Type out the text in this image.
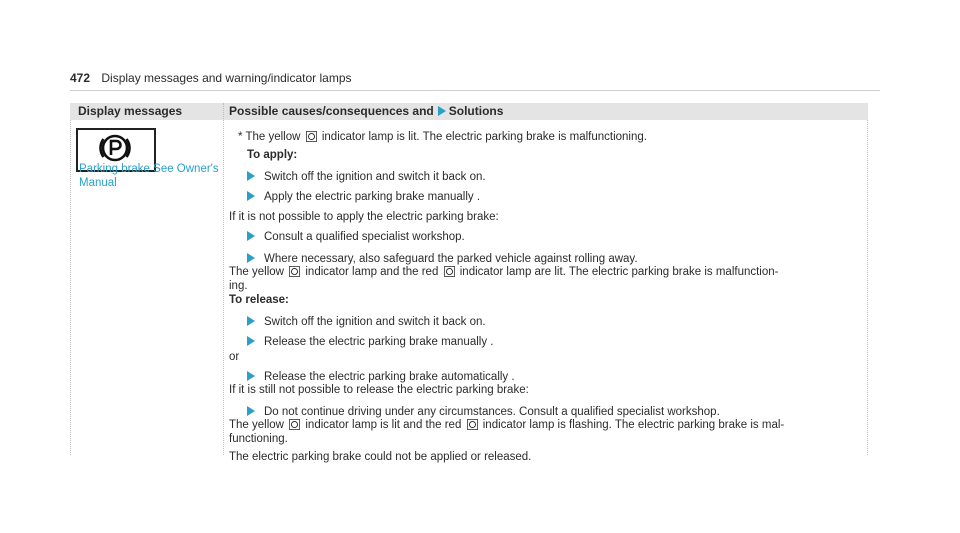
472 Display messages and warning/indicator lamps
Display messages	Possible causes/consequences and Solutions
Parking brake See Owner's Manual
* The yellow indicator lamp is lit. The electric parking brake is malfunctioning.
To apply:
Switch off the ignition and switch it back on.
Apply the electric parking brake manually .
If it is not possible to apply the electric parking brake:
Consult a qualified specialist workshop.
Where necessary, also safeguard the parked vehicle against rolling away.
The yellow indicator lamp and the red indicator lamp are lit. The electric parking brake is malfunction-
ing.
To release:
Switch off the ignition and switch it back on.
Release the electric parking brake manually .
or
Release the electric parking brake automatically .
If it is still not possible to release the electric parking brake:
Do not continue driving under any circumstances. Consult a qualified specialist workshop.
The yellow indicator lamp is lit and the red indicator lamp is flashing. The electric parking brake is mal-
functioning.
The electric parking brake could not be applied or released.
